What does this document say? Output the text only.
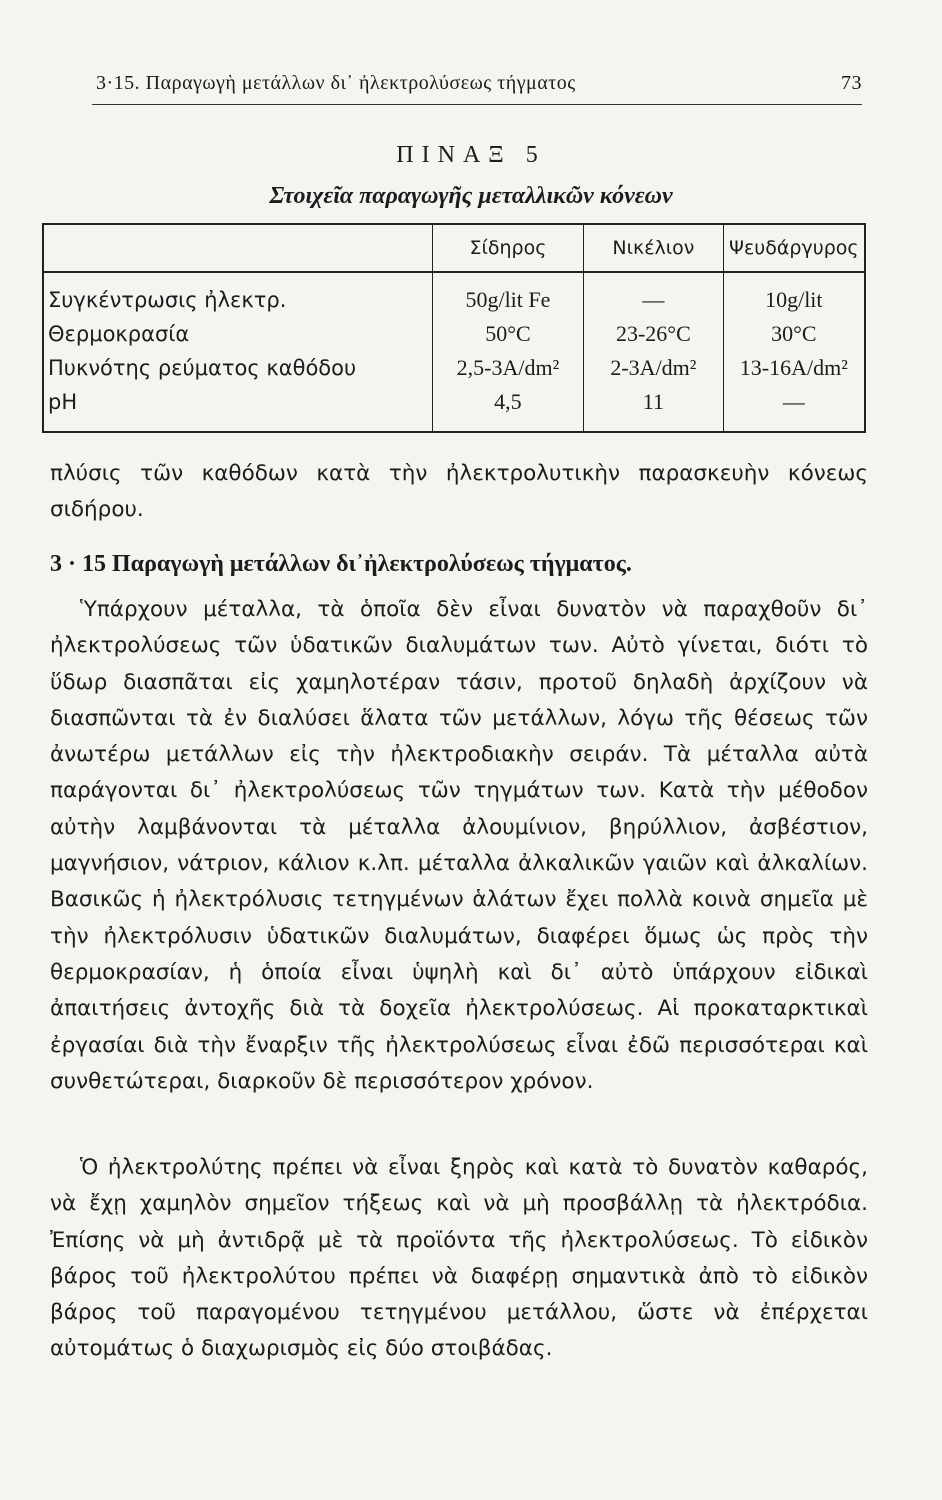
3·15. Παραγωγὴ μετάλλων δι᾽ ἠλεκτρολύσεως τήγματος	73
ΠΙΝΑΞ 5
Στοιχεῖα παραγωγῆς μεταλλικῶν κόνεων
	Σίδηρος	Νικέλιον	Ψευδάργυρος
Συγκέντρωσις ἠλεκτρ.	50g/lit Fe	—	10g/lit
Θερμοκρασία	50°C	23-26°C	30°C
Πυκνότης ρεύματος καθόδου	2,5-3A/dm²	2-3A/dm²	13-16A/dm²
pH	4,5	11	—
πλύσις τῶν καθόδων κατὰ τὴν ἠλεκτρολυτικὴν παρασκευὴν κόνεως σιδήρου.
3 · 15 Παραγωγὴ μετάλλων δι᾽ἠλεκτρολύσεως τήγματος.
Ὑπάρχουν μέταλλα, τὰ ὁποῖα δὲν εἶναι δυνατὸν νὰ παραχθοῦν δι᾽ ἠλεκτρολύσεως τῶν ὑδατικῶν διαλυμάτων των. Αὐτὸ γίνεται, διότι τὸ ὕδωρ διασπᾶται εἰς χαμηλοτέραν τάσιν, προτοῦ δηλαδὴ ἀρχίζουν νὰ διασπῶνται τὰ ἐν διαλύσει ἅλατα τῶν μετάλλων, λόγω τῆς θέσεως τῶν ἀνωτέρω μετάλλων εἰς τὴν ἠλεκτροδιακὴν σειράν. Τὰ μέταλλα αὐτὰ παράγονται δι᾽ ἠλεκτρολύσεως τῶν τηγμάτων των. Κατὰ τὴν μέθοδον αὐτὴν λαμβάνονται τὰ μέταλλα ἀλουμίνιον, βηρύλλιον, ἀσβέστιον, μαγνήσιον, νάτριον, κάλιον κ.λπ. μέταλλα ἀλκαλικῶν γαιῶν καὶ ἀλκαλίων. Βασικῶς ἡ ἠλεκτρόλυσις τετηγμένων ἁλάτων ἔχει πολλὰ κοινὰ σημεῖα μὲ τὴν ἠλεκτρόλυσιν ὑδατικῶν διαλυμάτων, διαφέρει ὅμως ὡς πρὸς τὴν θερμοκρασίαν, ἡ ὁποία εἶναι ὑψηλὴ καὶ δι᾽ αὐτὸ ὑπάρχουν εἰδικαὶ ἀπαιτήσεις ἀντοχῆς διὰ τὰ δοχεῖα ἠλεκτρολύσεως. Αἱ προκαταρκτικαὶ ἐργασίαι διὰ τὴν ἔναρξιν τῆς ἠλεκτρολύσεως εἶναι ἐδῶ περισσότεραι καὶ συνθετώτεραι, διαρκοῦν δὲ περισσότερον χρόνον.
Ὁ ἠλεκτρολύτης πρέπει νὰ εἶναι ξηρὸς καὶ κατὰ τὸ δυνατὸν καθαρός, νὰ ἔχῃ χαμηλὸν σημεῖον τήξεως καὶ νὰ μὴ προσβάλλῃ τὰ ἠλεκτρόδια. Ἐπίσης νὰ μὴ ἀντιδρᾷ μὲ τὰ προϊόντα τῆς ἠλεκτρολύσεως. Τὸ εἰδικὸν βάρος τοῦ ἠλεκτρολύτου πρέπει νὰ διαφέρῃ σημαντικὰ ἀπὸ τὸ εἰδικὸν βάρος τοῦ παραγομένου τετηγμένου μετάλλου, ὥστε νὰ ἐπέρχεται αὐτομάτως ὁ διαχωρισμὸς εἰς δύο στοιβάδας.
